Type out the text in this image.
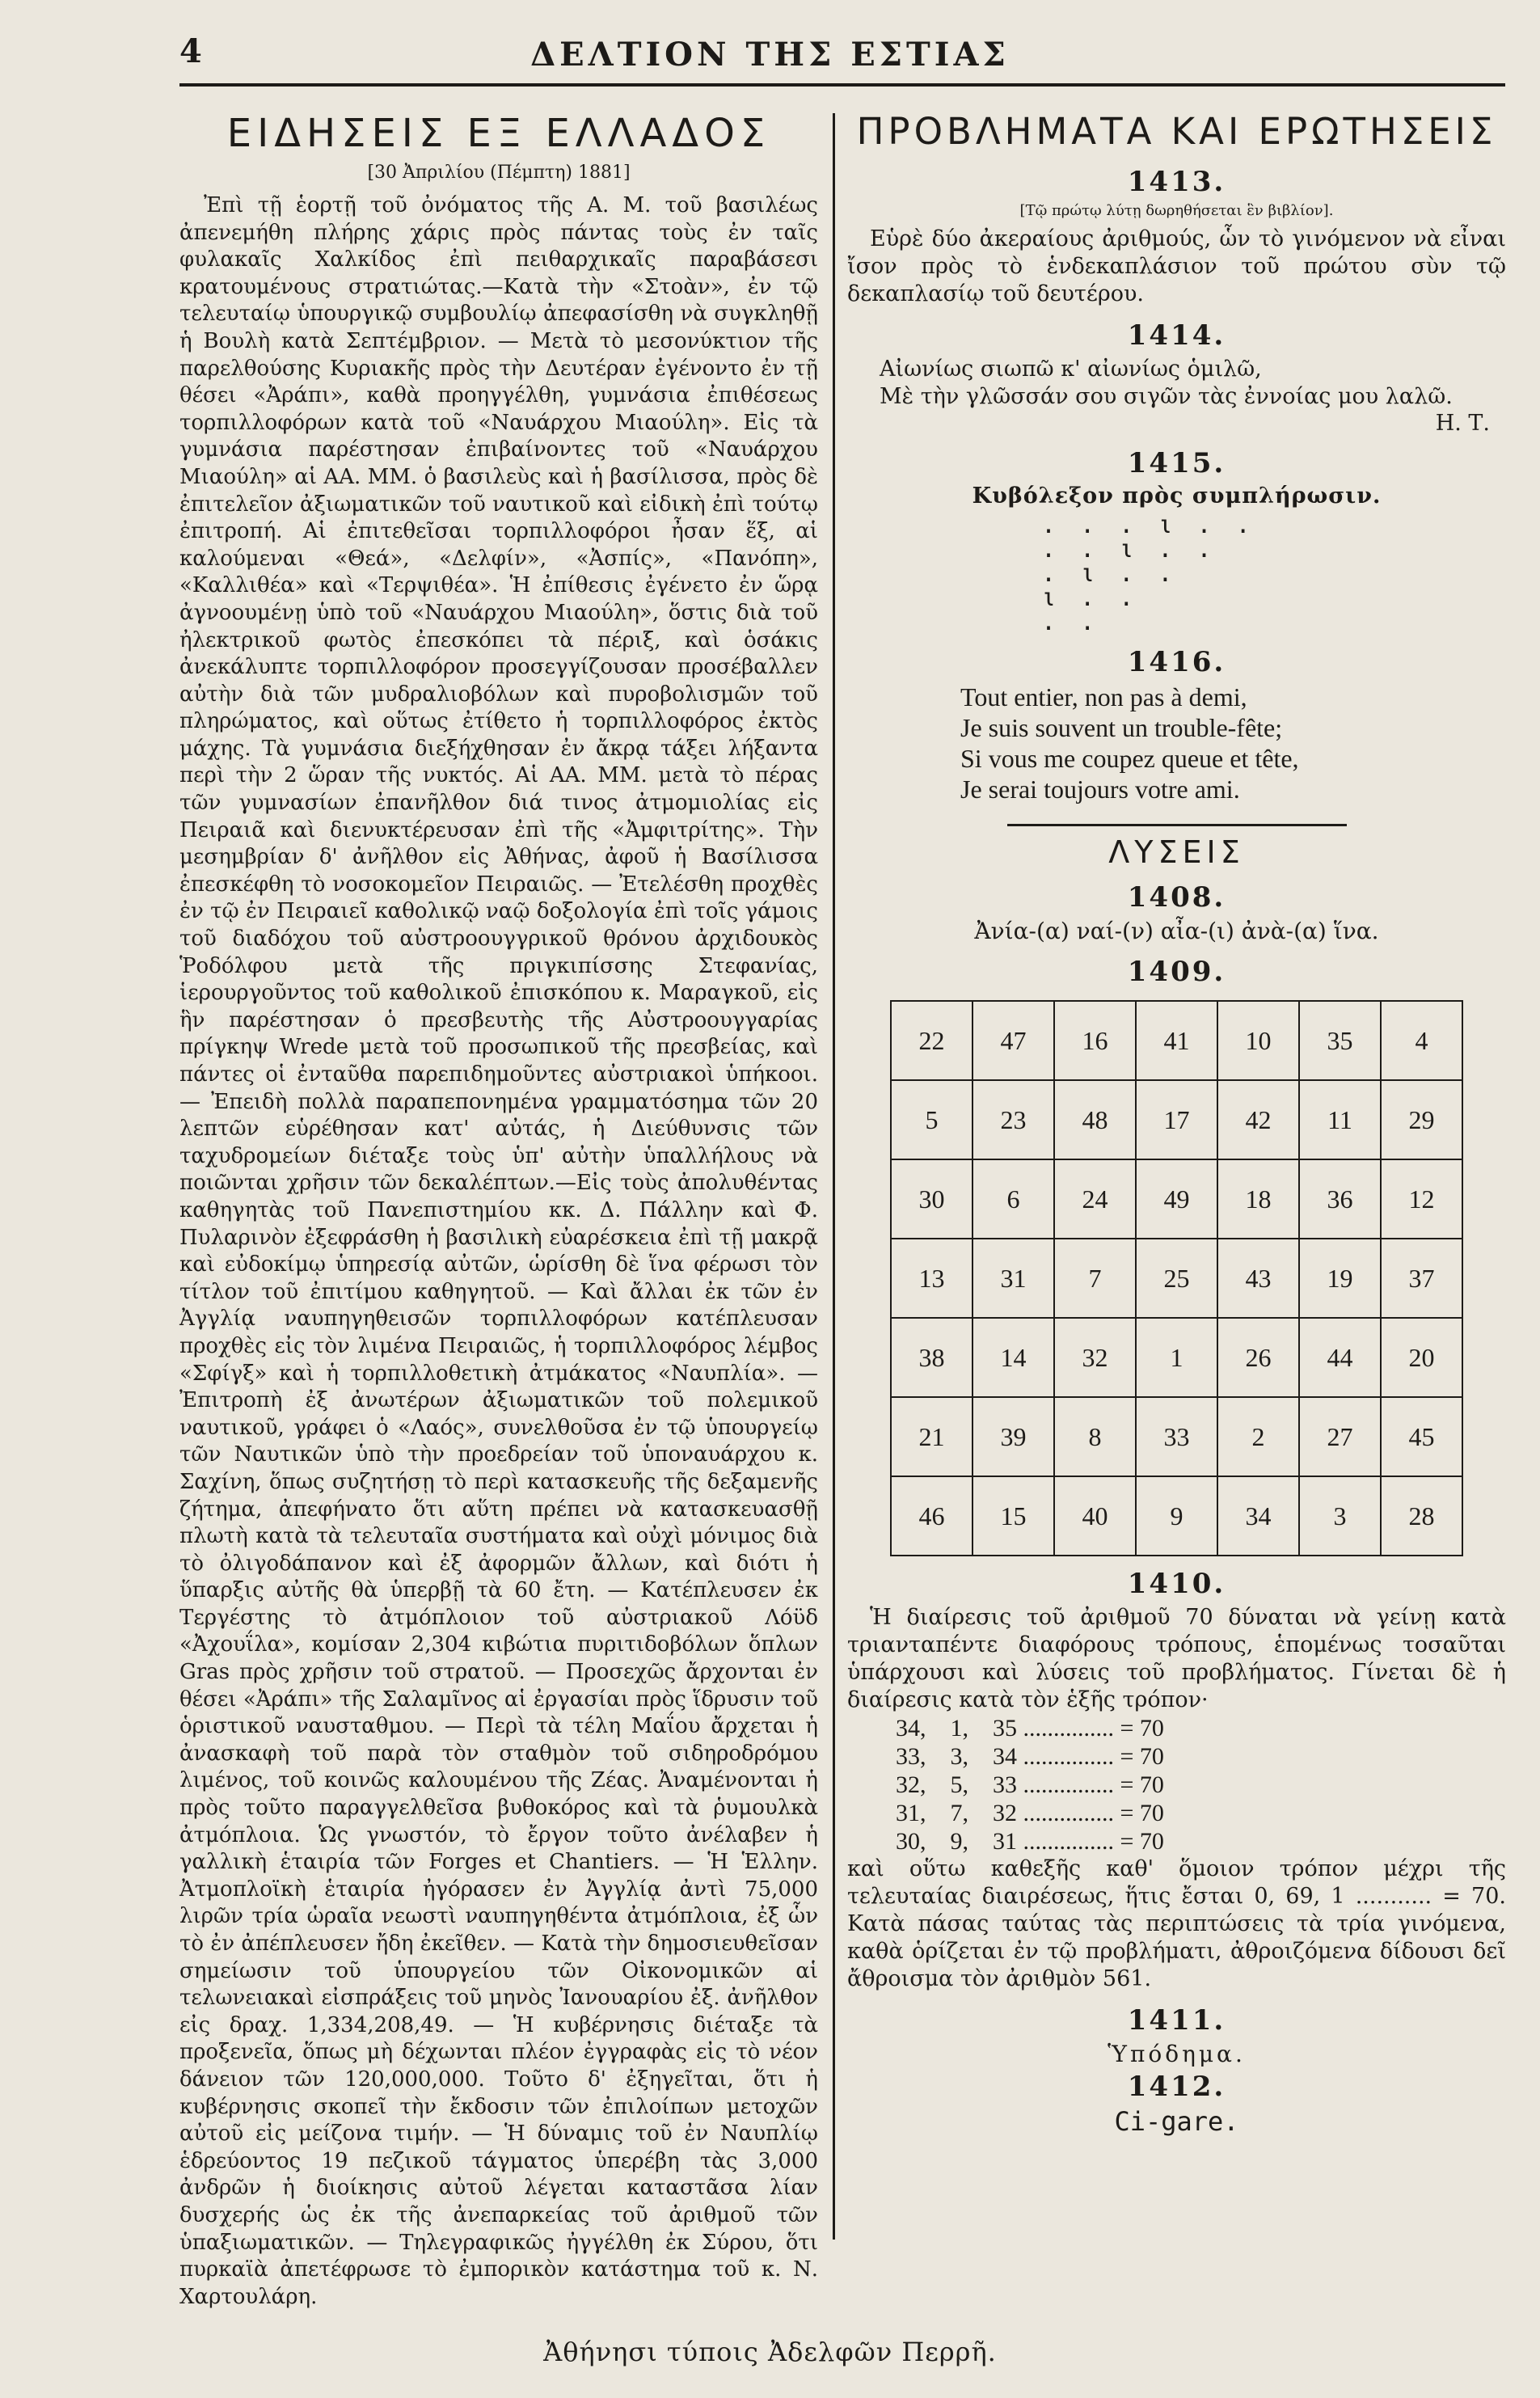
4	ΔΕΛΤΙΟΝ ΤΗΣ ΕΣΤΙΑΣ
ΕΙΔΗΣΕΙΣ ΕΞ ΕΛΛΑΔΟΣ
[30 Ἀπριλίου (Πέμπτη) 1881]

Ἐπὶ τῇ ἑορτῇ τοῦ ὀνόματος τῆς Α. Μ. τοῦ βασιλέως ἀπενεμήθη πλήρης χάρις πρὸς πάντας τοὺς ἐν ταῖς φυλακαῖς Χαλκίδος ἐπὶ πειθαρχικαῖς παραβάσεσι κρατουμένους στρατιώτας.—Κατὰ τὴν «Στοὰν», ἐν τῷ τελευταίῳ ὑπουργικῷ συμβουλίῳ ἀπεφασίσθη νὰ συγκληθῇ ἡ Βουλὴ κατὰ Σεπτέμβριον. — Μετὰ τὸ μεσονύκτιον τῆς παρελθούσης Κυριακῆς πρὸς τὴν Δευτέραν ἐγένοντο ἐν τῇ θέσει «Ἀράπι», καθὰ προηγγέλθη, γυμνάσια ἐπιθέσεως τορπιλλοφόρων κατὰ τοῦ «Ναυάρχου Μιαούλη». Εἰς τὰ γυμνάσια παρέστησαν ἐπιβαίνοντες τοῦ «Ναυάρχου Μιαούλη» αἱ ΑΑ. ΜΜ. ὁ βασιλεὺς καὶ ἡ βασίλισσα, πρὸς δὲ ἐπιτελεῖον ἀξιωματικῶν τοῦ ναυτικοῦ καὶ εἰδικὴ ἐπὶ τούτῳ ἐπιτροπή. Αἱ ἐπιτεθεῖσαι τορπιλλοφόροι ἦσαν ἕξ, αἱ καλούμεναι «Θεά», «Δελφίν», «Ἀσπίς», «Πανόπη», «Καλλιθέα» καὶ «Τερψιθέα». Ἡ ἐπίθεσις ἐγένετο ἐν ὥρᾳ ἀγνοουμένῃ ὑπὸ τοῦ «Ναυάρχου Μιαούλη», ὅστις διὰ τοῦ ἠλεκτρικοῦ φωτὸς ἐπεσκόπει τὰ πέριξ, καὶ ὁσάκις ἀνεκάλυπτε τορπιλλοφόρον προσεγγίζουσαν προσέβαλλεν αὐτὴν διὰ τῶν μυδραλιοβόλων καὶ πυροβολισμῶν τοῦ πληρώματος, καὶ οὕτως ἐτίθετο ἡ τορπιλλοφόρος ἐκτὸς μάχης. Τὰ γυμνάσια διεξήχθησαν ἐν ἄκρᾳ τάξει λήξαντα περὶ τὴν 2 ὥραν τῆς νυκτός. Αἱ ΑΑ. ΜΜ. μετὰ τὸ πέρας τῶν γυμνασίων ἐπανῆλθον διά τινος ἀτμομιολίας εἰς Πειραιᾶ καὶ διενυκτέρευσαν ἐπὶ τῆς «Ἀμφιτρίτης». Τὴν μεσημβρίαν δ' ἀνῆλθον εἰς Ἀθήνας, ἀφοῦ ἡ Βασίλισσα ἐπεσκέφθη τὸ νοσοκομεῖον Πειραιῶς. — Ἐτελέσθη προχθὲς ἐν τῷ ἐν Πειραιεῖ καθολικῷ ναῷ δοξολογία ἐπὶ τοῖς γάμοις τοῦ διαδόχου τοῦ αὐστροουγγρικοῦ θρόνου ἀρχιδουκὸς Ῥοδόλφου μετὰ τῆς πριγκιπίσσης Στεφανίας, ἱερουργοῦντος τοῦ καθολικοῦ ἐπισκόπου κ. Μαραγκοῦ, εἰς ἣν παρέστησαν ὁ πρεσβευτὴς τῆς Αὐστροουγγαρίας πρίγκηψ Wrede μετὰ τοῦ προσωπικοῦ τῆς πρεσβείας, καὶ πάντες οἱ ἐνταῦθα παρεπιδημοῦντες αὐστριακοὶ ὑπήκοοι. — Ἐπειδὴ πολλὰ παραπεπονημένα γραμματόσημα τῶν 20 λεπτῶν εὑρέθησαν κατ' αὐτάς, ἡ Διεύθυνσις τῶν ταχυδρομείων διέταξε τοὺς ὑπ' αὐτὴν ὑπαλλήλους νὰ ποιῶνται χρῆσιν τῶν δεκαλέπτων.—Εἰς τοὺς ἀπολυθέντας καθηγητὰς τοῦ Πανεπιστημίου κκ. Δ. Πάλλην καὶ Φ. Πυλαρινὸν ἐξεφράσθη ἡ βασιλικὴ εὐαρέσκεια ἐπὶ τῇ μακρᾷ καὶ εὐδοκίμῳ ὑπηρεσίᾳ αὐτῶν, ὡρίσθη δὲ ἵνα φέρωσι τὸν τίτλον τοῦ ἐπιτίμου καθηγητοῦ. — Καὶ ἄλλαι ἐκ τῶν ἐν Ἀγγλίᾳ ναυπηγηθεισῶν τορπιλλοφόρων κατέπλευσαν προχθὲς εἰς τὸν λιμένα Πειραιῶς, ἡ τορπιλλοφόρος λέμβος «Σφίγξ» καὶ ἡ τορπιλλοθετικὴ ἀτμάκατος «Ναυπλία». — Ἐπιτροπὴ ἐξ ἀνωτέρων ἀξιωματικῶν τοῦ πολεμικοῦ ναυτικοῦ, γράφει ὁ «Λαός», συνελθοῦσα ἐν τῷ ὑπουργείῳ τῶν Ναυτικῶν ὑπὸ τὴν προεδρείαν τοῦ ὑποναυάρχου κ. Σαχίνη, ὅπως συζητήσῃ τὸ περὶ κατασκευῆς τῆς δεξαμενῆς ζήτημα, ἀπεφήνατο ὅτι αὕτη πρέπει νὰ κατασκευασθῇ πλωτὴ κατὰ τὰ τελευταῖα συστήματα καὶ οὐχὶ μόνιμος διὰ τὸ ὀλιγοδάπανον καὶ ἐξ ἀφορμῶν ἄλλων, καὶ διότι ἡ ὕπαρξις αὐτῆς θὰ ὑπερβῇ τὰ 60 ἔτη. — Κατέπλευσεν ἐκ Τεργέστης τὸ ἀτμόπλοιον τοῦ αὐστριακοῦ Λόϋδ «Ἀχουΐλα», κομίσαν 2,304 κιβώτια πυριτιδοβόλων ὅπλων Gras πρὸς χρῆσιν τοῦ στρατοῦ. — Προσεχῶς ἄρχονται ἐν θέσει «Ἀράπι» τῆς Σαλαμῖνος αἱ ἐργασίαι πρὸς ἵδρυσιν τοῦ ὁριστικοῦ ναυσταθμου. — Περὶ τὰ τέλη Μαΐου ἄρχεται ἡ ἀνασκαφὴ τοῦ παρὰ τὸν σταθμὸν τοῦ σιδηροδρόμου λιμένος, τοῦ κοινῶς καλουμένου τῆς Ζέας. Ἀναμένονται ἡ πρὸς τοῦτο παραγγελθεῖσα βυθοκόρος καὶ τὰ ῥυμουλκὰ ἀτμόπλοια. Ὡς γνωστόν, τὸ ἔργον τοῦτο ἀνέλαβεν ἡ γαλλικὴ ἑταιρία τῶν Forges et Chantiers. — Ἡ Ἑλλην. Ἀτμοπλοϊκὴ ἑταιρία ἠγόρασεν ἐν Ἀγγλίᾳ ἀντὶ 75,000 λιρῶν τρία ὡραῖα νεωστὶ ναυπηγηθέντα ἀτμόπλοια, ἐξ ὧν τὸ ἐν ἀπέπλευσεν ἤδη ἐκεῖθεν. — Κατὰ τὴν δημοσιευθεῖσαν σημείωσιν τοῦ ὑπουργείου τῶν Οἰκονομικῶν αἱ τελωνειακαὶ εἰσπράξεις τοῦ μηνὸς Ἰανουαρίου ἐξ. ἀνῆλθον εἰς δραχ. 1,334,208,49. — Ἡ κυβέρνησις διέταξε τὰ προξενεῖα, ὅπως μὴ δέχωνται πλέον ἐγγραφὰς εἰς τὸ νέον δάνειον τῶν 120,000,000. Τοῦτο δ' ἐξηγεῖται, ὅτι ἡ κυβέρνησις σκοπεῖ τὴν ἔκδοσιν τῶν ἐπιλοίπων μετοχῶν αὐτοῦ εἰς μείζονα τιμήν. — Ἡ δύναμις τοῦ ἐν Ναυπλίῳ ἑδρεύοντος 19 πεζικοῦ τάγματος ὑπερέβη τὰς 3,000 ἀνδρῶν ἡ διοίκησις αὐτοῦ λέγεται καταστᾶσα λίαν δυσχερής ὡς ἐκ τῆς ἀνεπαρκείας τοῦ ἀριθμοῦ τῶν ὑπαξιωματικῶν. — Τηλεγραφικῶς ἠγγέλθη ἐκ Σύρου, ὅτι πυρκαϊὰ ἀπετέφρωσε τὸ ἐμπορικὸν κατάστημα τοῦ κ. Ν. Χαρτουλάρη.

ΠΡΟΒΛΗΜΑΤΑ ΚΑΙ ΕΡΩΤΗΣΕΙΣ
1413.
[Τῷ πρώτῳ λύτῃ δωρηθήσεται ἓν βιβλίον].

Εὑρὲ δύο ἀκεραίους ἀριθμούς, ὧν τὸ γινόμενον νὰ εἶναι ἴσον πρὸς τὸ ἑνδεκαπλάσιον τοῦ πρώτου σὺν τῷ δεκαπλασίῳ τοῦ δευτέρου.

1414.

Αἰωνίως σιωπῶ κ' αἰωνίως ὁμιλῶ,

Μὲ τὴν γλῶσσάν σου σιγῶν τὰς ἐννοίας μου λαλῶ.

Η. Τ.

1415.
Κυβόλεξον πρὸς συμπλήρωσιν.
. . . ι . .
. . ι . .
. ι . .
ι . .
. .
1416.

Tout entier, non pas à demi,

Je suis souvent un trouble-fête;

Si vous me coupez queue et tête,

Je serai toujours votre ami.

ΛΥΣΕΙΣ
1408.
Ἀνία-(α) ναί-(ν) αἶα-(ι) ἀνὰ-(α) ἵνα.
1409.
22	47	16	41	10	35	4
5	23	48	17	42	11	29
30	6	24	49	18	36	12
13	31	7	25	43	19	37
38	14	32	1	26	44	20
21	39	8	33	2	27	45
46	15	40	9	34	3	28
1410.

Ἡ διαίρεσις τοῦ ἀριθμοῦ 70 δύναται νὰ γείνῃ κατὰ τριανταπέντε διαφόρους τρόπους, ἑπομένως τοσαῦται ὑπάρχουσι καὶ λύσεις τοῦ προβλήματος. Γίνεται δὲ ἡ διαίρεσις κατὰ τὸν ἑξῆς τρόπον·

34,    1,    35 ............... = 70
33,    3,    34 ............... = 70
32,    5,    33 ............... = 70
31,    7,    32 ............... = 70
30,    9,    31 ............... = 70

καὶ οὕτω καθεξῆς καθ' ὅμοιον τρόπον μέχρι τῆς τελευταίας διαιρέσεως, ἥτις ἔσται 0, 69, 1 ........... = 70. Κατὰ πάσας ταύτας τὰς περιπτώσεις τὰ τρία γινόμενα, καθὰ ὁρίζεται ἐν τῷ προβλήματι, ἀθροιζόμενα δίδουσι δεῖ ἄθροισμα τὸν ἀριθμὸν 561.

1411.
Ὑπόδημα.
1412.
Ci-gare.
Ἀθήνησι τύποις Ἀδελφῶν Περρῆ.
